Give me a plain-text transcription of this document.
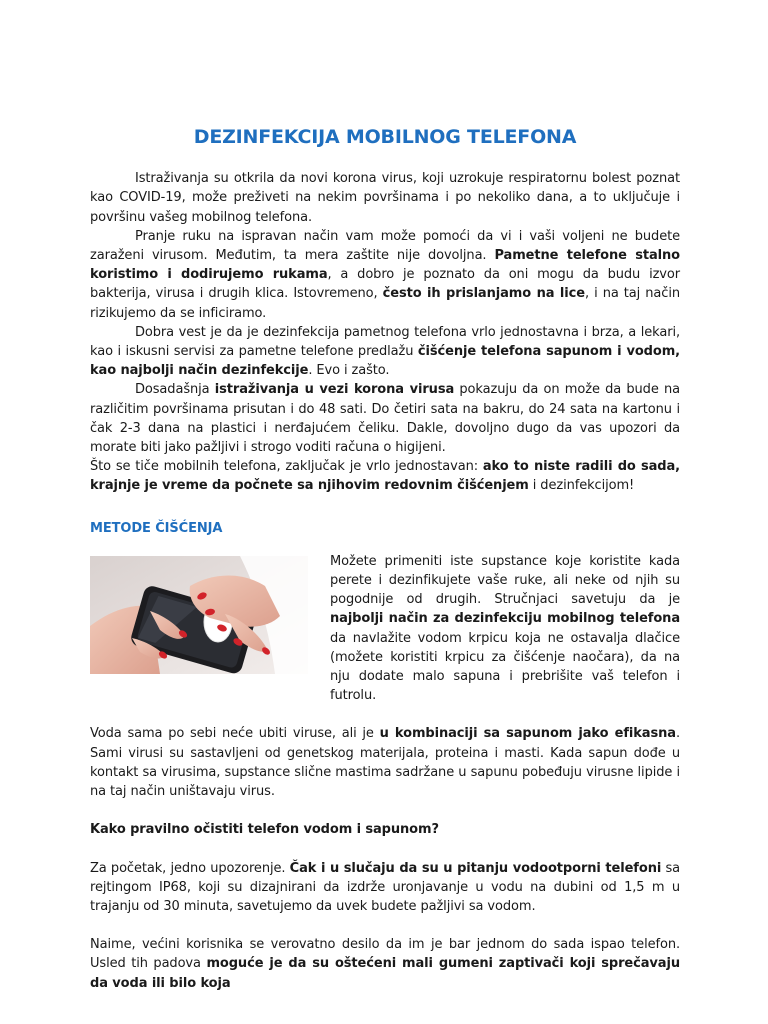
DEZINFEKCIJA MOBILNOG TELEFONA

Istraživanja su otkrila da novi korona virus, koji uzrokuje respiratornu bolest poznat kao COVID-19, može preživeti na nekim površinama i po nekoliko dana, a to uključuje i površinu vašeg mobilnog telefona.

Pranje ruku na ispravan način vam može pomoći da vi i vaši voljeni ne budete zaraženi virusom. Međutim, ta mera zaštite nije dovoljna. Pametne telefone stalno koristimo i dodirujemo rukama, a dobro je poznato da oni mogu da budu izvor bakterija, virusa i drugih klica. Istovremeno, često ih prislanjamo na lice, i na taj način rizikujemo da se inficiramo.

Dobra vest je da je dezinfekcija pametnog telefona vrlo jednostavna i brza, a lekari, kao i iskusni servisi za pametne telefone predlažu čišćenje telefona sapunom i vodom, kao najbolji način dezinfekcije. Evo i zašto.

Dosadašnja istraživanja u vezi korona virusa pokazuju da on može da bude na različitim površinama prisutan i do 48 sati. Do četiri sata na bakru, do 24 sata na kartonu i čak 2-3 dana na plastici i nerđajućem čeliku. Dakle, dovoljno dugo da vas upozori da morate biti jako pažljivi i strogo voditi računa o higijeni.

Što se tiče mobilnih telefona, zaključak je vrlo jednostavan: ako to niste radili do sada, krajnje je vreme da počnete sa njihovim redovnim čišćenjem i dezinfekcijom!

METODE ČIŠĆENJA

Možete primeniti iste supstance koje koristite kada perete i dezinfikujete vaše ruke, ali neke od njih su pogodnije od drugih. Stručnjaci savetuju da je najbolji način za dezinfekciju mobilnog telefona da navlažite vodom krpicu koja ne ostavalja dlačice (možete koristiti krpicu za čišćenje naočara), da na nju dodate malo sapuna i prebrišite vaš telefon i futrolu.

Voda sama po sebi neće ubiti viruse, ali je u kombinaciji sa sapunom jako efikasna. Sami virusi su sastavljeni od genetskog materijala, proteina i masti. Kada sapun dođe u kontakt sa virusima, supstance slične mastima sadržane u sapunu pobeđuju virusne lipide i na taj način uništavaju virus.

Kako pravilno očistiti telefon vodom i sapunom?

Za početak, jedno upozorenje. Čak i u slučaju da su u pitanju vodootporni telefoni sa rejtingom IP68, koji su dizajnirani da izdrže uronjavanje u vodu na dubini od 1,5 m u trajanju od 30 minuta, savetujemo da uvek budete pažljivi sa vodom.

Naime, većini korisnika se verovatno desilo da im je bar jednom do sada ispao telefon. Usled tih padova moguće je da su oštećeni mali gumeni zaptivači koji sprečavaju da voda ili bilo koja
